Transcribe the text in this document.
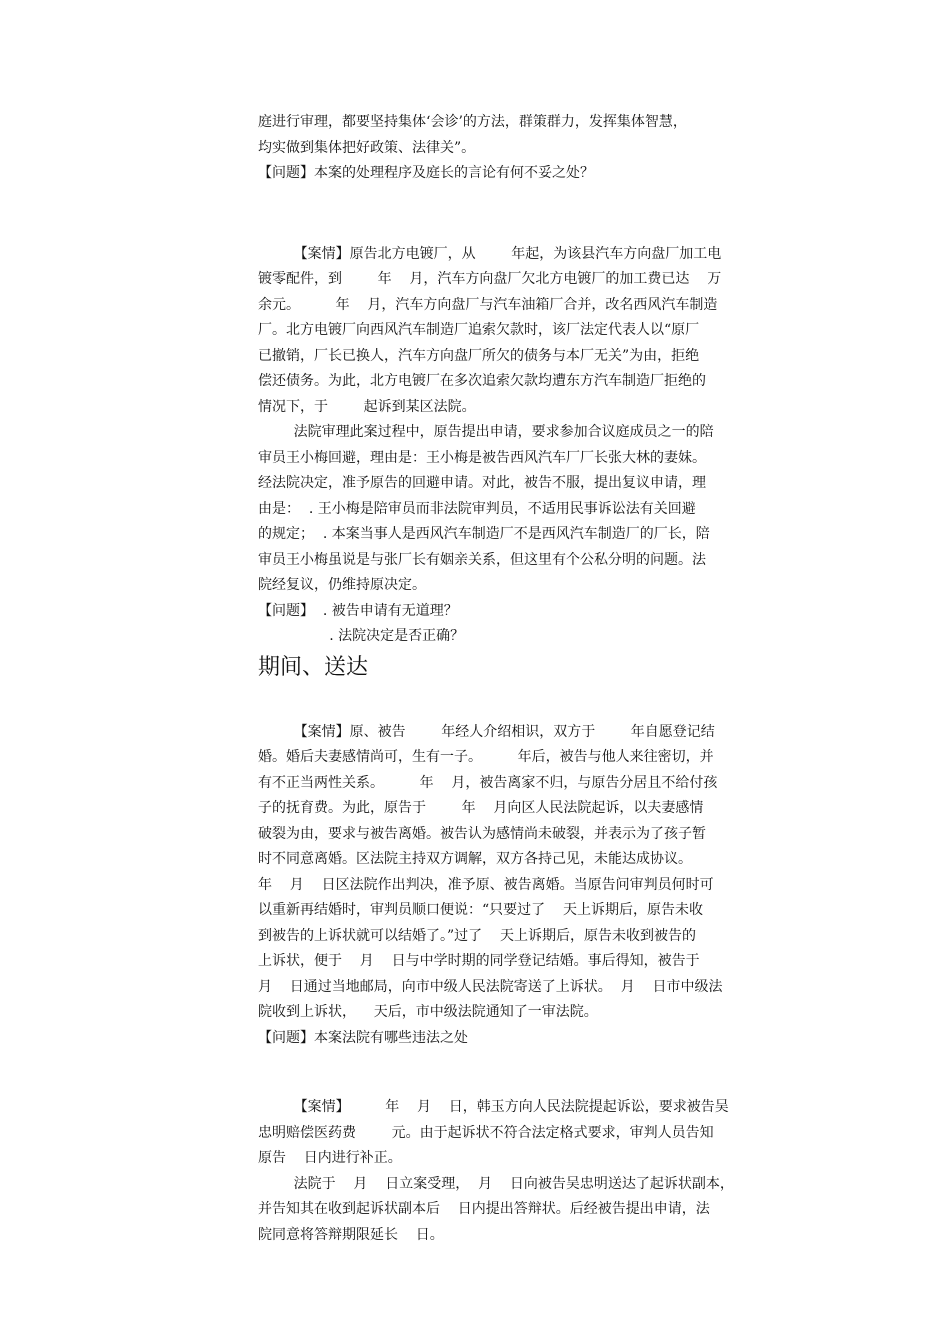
庭进行审理，都要坚持集体‘会诊’的方法，群策群力，发挥集体智慧，
均实做到集体把好政策、法律关”。
【问题】本案的处理程序及庭长的言论有何不妥之处？
【案情】原告北方电镀厂，从        年起，为该县汽车方向盘厂加工电
镀零配件，到        年    月，汽车方向盘厂欠北方电镀厂的加工费已达    万
余元。        年    月，汽车方向盘厂与汽车油箱厂合并，改名西风汽车制造
厂。北方电镀厂向西风汽车制造厂追索欠款时，该厂法定代表人以“原厂
已撤销，厂长已换人，汽车方向盘厂所欠的债务与本厂无关”为由，拒绝
偿还债务。为此，北方电镀厂在多次追索欠款均遭东方汽车制造厂拒绝的
情况下，于        起诉到某区法院。
法院审理此案过程中，原告提出申请，要求参加合议庭成员之一的陪
审员王小梅回避，理由是：王小梅是被告西风汽车厂厂长张大林的妻妹。
经法院决定，准予原告的回避申请。对此，被告不服，提出复议申请，理
由是：  . 王小梅是陪审员而非法院审判员，不适用民事诉讼法有关回避
的规定；  . 本案当事人是西风汽车制造厂不是西风汽车制造厂的厂长，陪
审员王小梅虽说是与张厂长有姻亲关系，但这里有个公私分明的问题。法
院经复议，仍维持原决定。
【问题】  . 被告申请有无道理？
. 法院决定是否正确？
期间、送达
【案情】原、被告        年经人介绍相识，双方于        年自愿登记结
婚。婚后夫妻感情尚可，生有一子。        年后，被告与他人来往密切，并
有不正当两性关系。        年    月，被告离家不归，与原告分居且不给付孩
子的抚育费。为此，原告于        年    月向区人民法院起诉，以夫妻感情
破裂为由，要求与被告离婚。被告认为感情尚未破裂，并表示为了孩子暂
时不同意离婚。区法院主持双方调解，双方各持己见，未能达成协议。
年    月    日区法院作出判决，准予原、被告离婚。当原告问审判员何时可
以重新再结婚时，审判员顺口便说：“只要过了    天上诉期后，原告未收
到被告的上诉状就可以结婚了。”过了    天上诉期后，原告未收到被告的
上诉状，便于    月    日与中学时期的同学登记结婚。事后得知，被告于
月    日通过当地邮局，向市中级人民法院寄送了上诉状。  月    日市中级法
院收到上诉状，    天后，市中级法院通知了一审法院。
【问题】本案法院有哪些违法之处
【案情】        年    月    日，韩玉方向人民法院提起诉讼，要求被告吴
忠明赔偿医药费        元。由于起诉状不符合法定格式要求，审判人员告知
原告    日内进行补正。
法院于    月    日立案受理，  月    日向被告吴忠明送达了起诉状副本，
并告知其在收到起诉状副本后    日内提出答辩状。后经被告提出申请，法
院同意将答辩期限延长    日。
